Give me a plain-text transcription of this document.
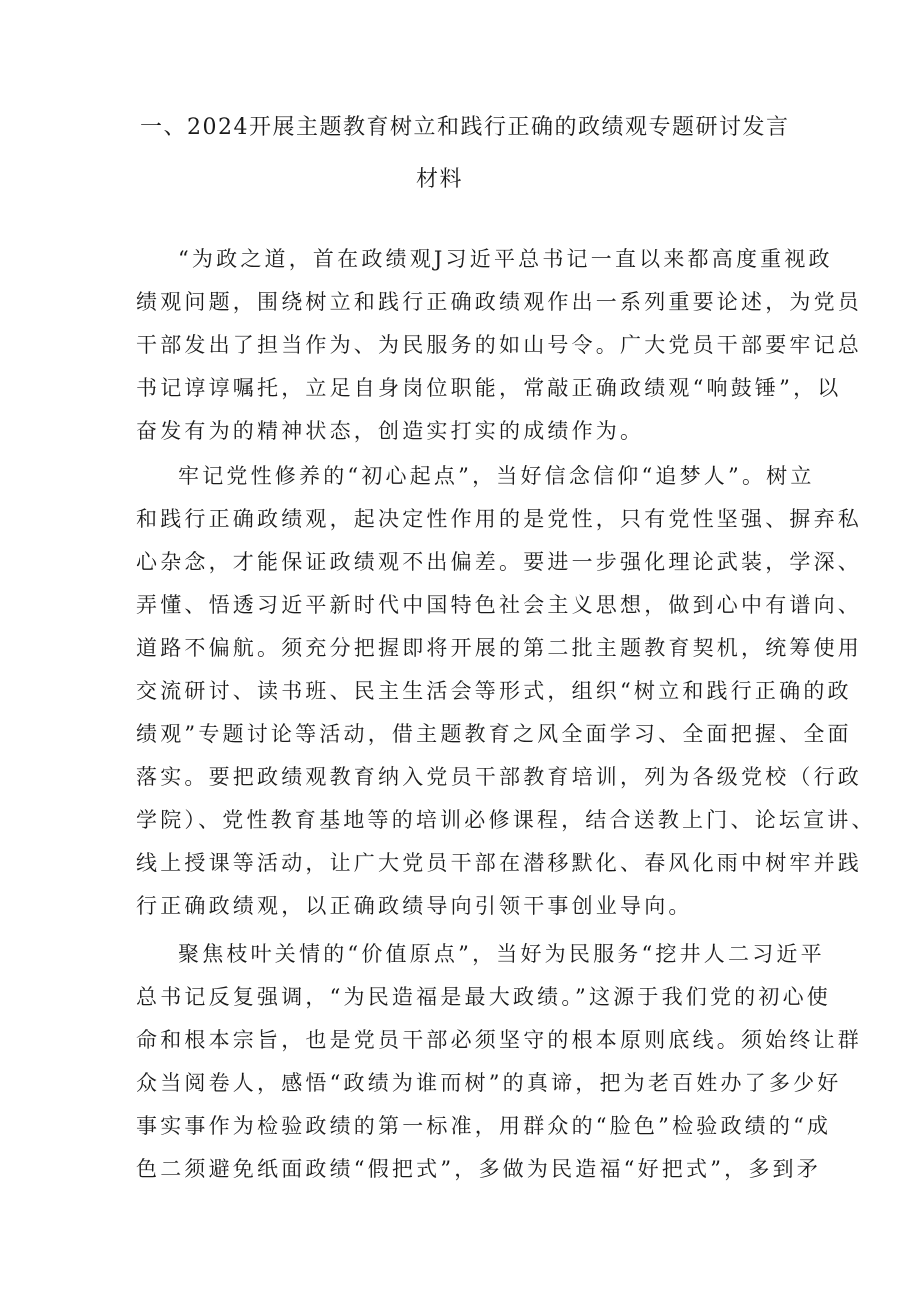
一、2024开展主题教育树立和践行正确的政绩观专题研讨发言
材料
“为政之道，首在政绩观J习近平总书记一直以来都高度重视政
绩观问题，围绕树立和践行正确政绩观作出一系列重要论述，为党员
干部发出了担当作为、为民服务的如山号令。广大党员干部要牢记总
书记谆谆嘱托，立足自身岗位职能，常敲正确政绩观“响鼓锤”，以
奋发有为的精神状态，创造实打实的成绩作为。
牢记党性修养的“初心起点”，当好信念信仰“追梦人”。树立
和践行正确政绩观，起决定性作用的是党性，只有党性坚强、摒弃私
心杂念，才能保证政绩观不出偏差。要进一步强化理论武装，学深、
弄懂、悟透习近平新时代中国特色社会主义思想，做到心中有谱向、
道路不偏航。须充分把握即将开展的第二批主题教育契机，统筹使用
交流研讨、读书班、民主生活会等形式，组织“树立和践行正确的政
绩观”专题讨论等活动，借主题教育之风全面学习、全面把握、全面
落实。要把政绩观教育纳入党员干部教育培训，列为各级党校（行政
学院）、党性教育基地等的培训必修课程，结合送教上门、论坛宣讲、
线上授课等活动，让广大党员干部在潜移默化、春风化雨中树牢并践
行正确政绩观，以正确政绩导向引领干事创业导向。
聚焦枝叶关情的“价值原点”，当好为民服务“挖井人二习近平
总书记反复强调，“为民造福是最大政绩。”这源于我们党的初心使
命和根本宗旨，也是党员干部必须坚守的根本原则底线。须始终让群
众当阅卷人，感悟“政绩为谁而树”的真谛，把为老百姓办了多少好
事实事作为检验政绩的第一标准，用群众的“脸色”检验政绩的“成
色二须避免纸面政绩“假把式”，多做为民造福“好把式”，多到矛
